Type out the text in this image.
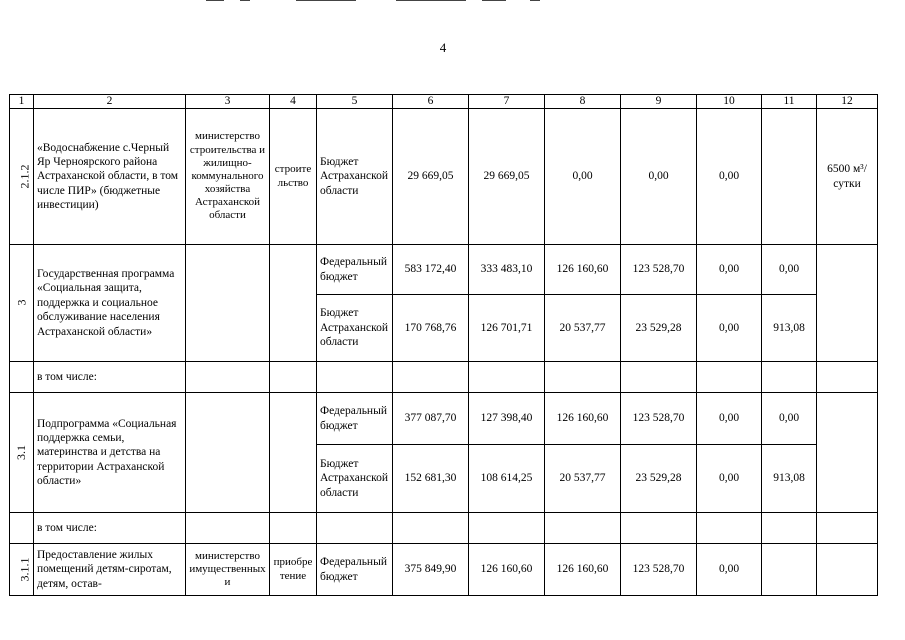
4
1	2	3	4	5	6	7	8	9	10	11	12
2.1.2	«Водоснабжение с.Черный Яр Черноярского района Астраханской области, в том числе ПИР» (бюджетные инвестиции)	министерство строительства и жилищно-коммунального хозяйства Астраханской области	строительство	Бюджет Астраханской области	29 669,05	29 669,05	0,00	0,00	0,00		6500 м³/сутки
3	Государственная программа «Социальная защита, поддержка и социальное обслуживание населения Астраханской области»			Федеральный бюджет	583 172,40	333 483,10	126 160,60	123 528,70	0,00	0,00	
				Бюджет Астраханской области	170 768,76	126 701,71	20 537,77	23 529,28	0,00	913,08	
	в том числе:										
3.1	Подпрограмма «Социальная поддержка семьи, материнства и детства на территории Астраханской области»			Федеральный бюджет	377 087,70	127 398,40	126 160,60	123 528,70	0,00	0,00	
				Бюджет Астраханской области	152 681,30	108 614,25	20 537,77	23 529,28	0,00	913,08	
	в том числе:										
3.1.1	Предоставление жилых помещений детям-сиротам, детям, остав-	министерство имущественных и	приобретение	Федеральный бюджет	375 849,90	126 160,60	126 160,60	123 528,70	0,00		
